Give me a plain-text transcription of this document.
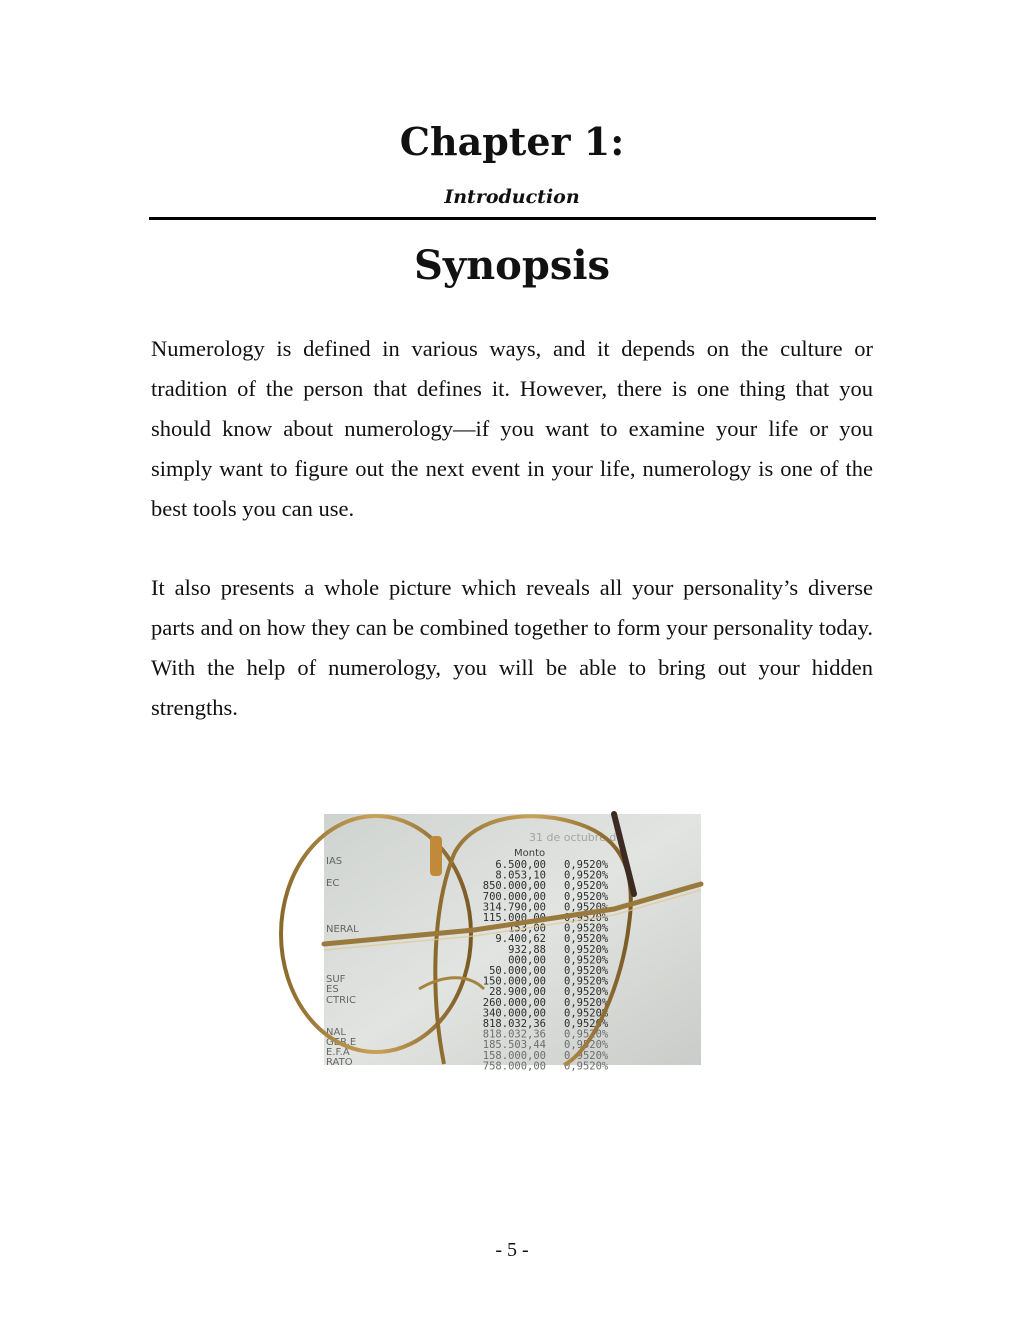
Chapter 1:
Introduction
Synopsis

Numerology is defined in various ways, and it depends on the culture or tradition of the person that defines it. However, there is one thing that you should know about numerology—if you want to examine your life or you simply want to figure out the next event in your life, numerology is one of the best tools you can use.

It also presents a whole picture which reveals all your personality’s diverse parts and on how they can be combined together to form your personality today. With the help of numerology, you will be able to bring out your hidden strengths.

31 de octubre de
Monto
6.500,00
8.053,10
850.000,00
700.000,00
314.790,00
115.000,00
153,00
9.400,62
932,88
000,00
50.000,00
150.000,00
28.900,00
260.000,00
340.000,00
818.032,36
818.032,36
185.503,44
158.000,00
758.000,00
0,9520%
0,9520%
0,9520%
0,9520%
0,9520%
0,9520%
0,9520%
0,9520%
0,9520%
0,9520%
0,9520%
0,9520%
0,9520%
0,9520%
0,9520%
0,9520%
0,9520%
0,9520%
0,9520%
0,9520%
IAS
EC
NERAL
SUF
ES
CTRIC
NAL
GER.E
E.F.A
RATO
- 5 -
